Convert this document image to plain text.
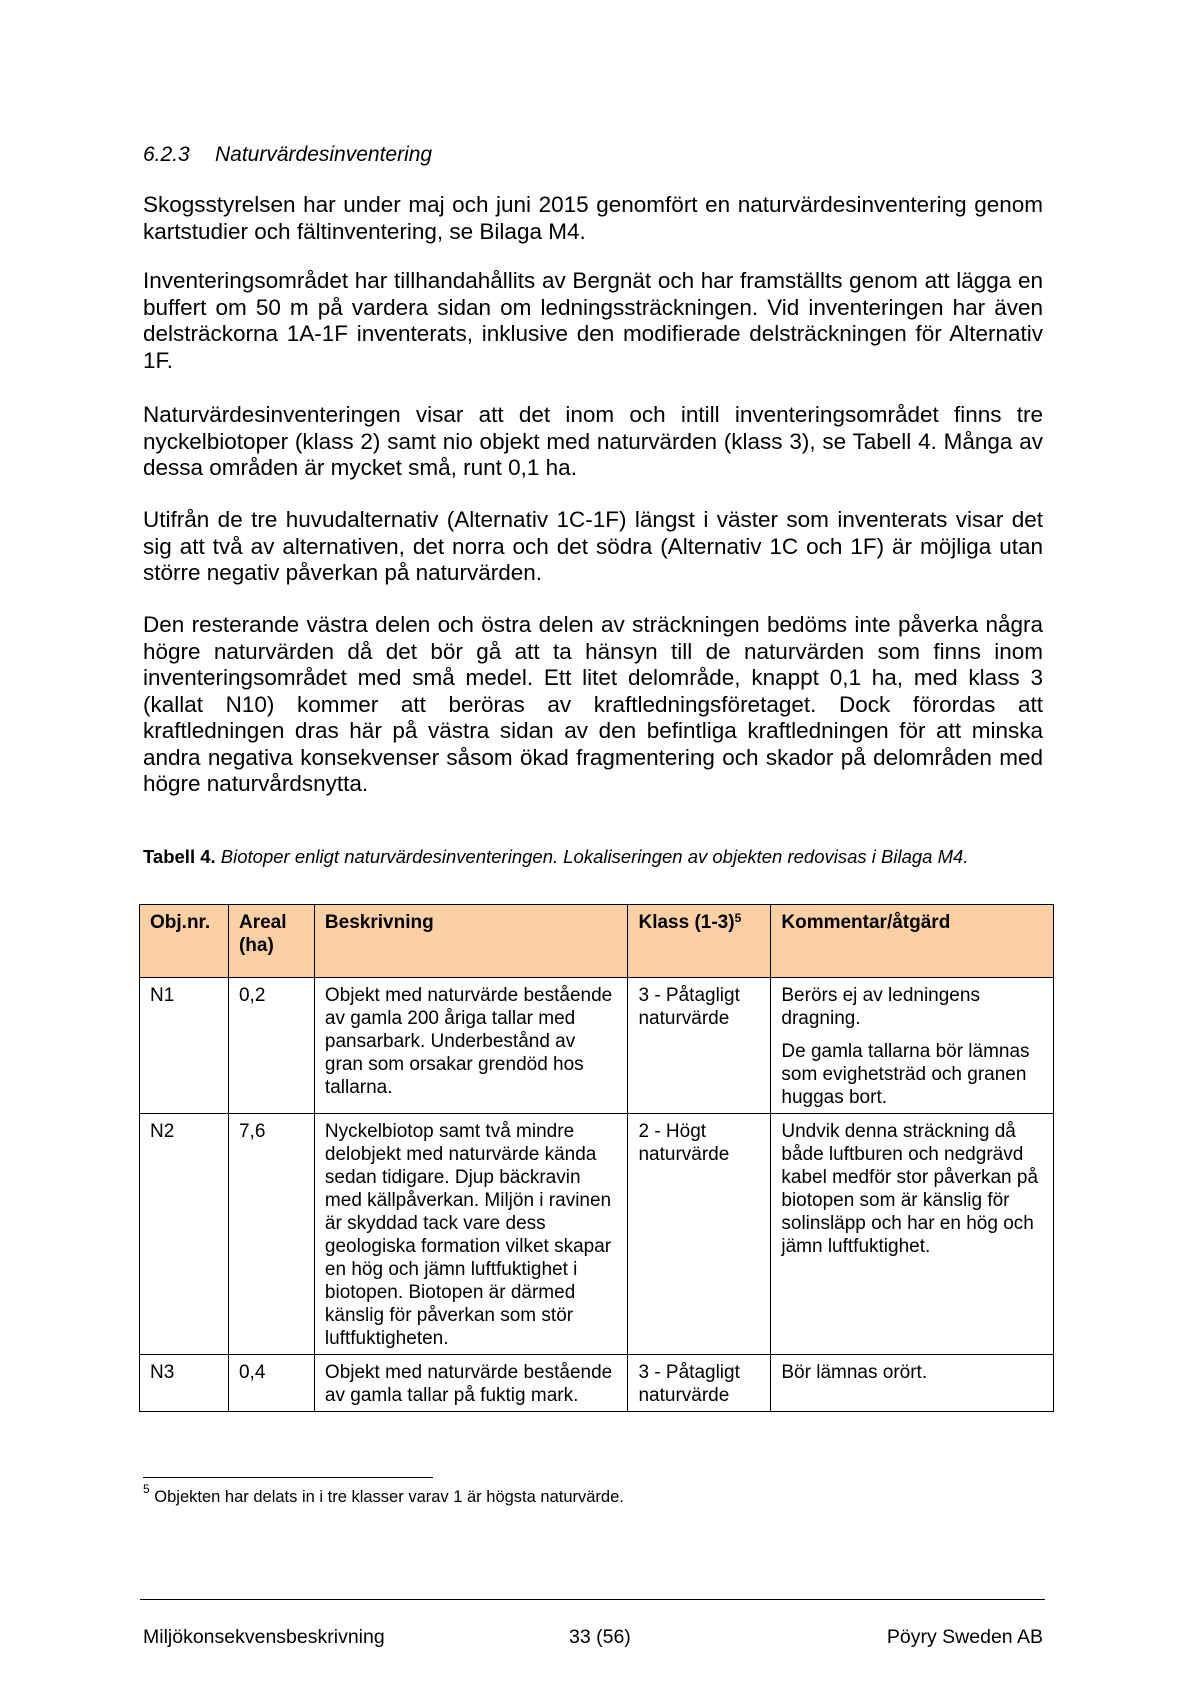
6.2.3 Naturvärdesinventering

Skogsstyrelsen har under maj och juni 2015 genomfört en naturvärdesinventering genom kartstudier och fältinventering, se Bilaga M4.

Inventeringsområdet har tillhandahållits av Bergnät och har framställts genom att lägga en buffert om 50 m på vardera sidan om ledningssträckningen. Vid inventeringen har även delsträckorna 1A-1F inventerats, inklusive den modifierade delsträckningen för Alternativ 1F.

Naturvärdesinventeringen visar att det inom och intill inventeringsområdet finns tre nyckelbiotoper (klass 2) samt nio objekt med naturvärden (klass 3), se Tabell 4. Många av dessa områden är mycket små, runt 0,1 ha.

Utifrån de tre huvudalternativ (Alternativ 1C-1F) längst i väster som inventerats visar det sig att två av alternativen, det norra och det södra (Alternativ 1C och 1F) är möjliga utan större negativ påverkan på naturvärden.

Den resterande västra delen och östra delen av sträckningen bedöms inte påverka några högre naturvärden då det bör gå att ta hänsyn till de naturvärden som finns inom inventeringsområdet med små medel. Ett litet delområde, knappt 0,1 ha, med klass 3 (kallat N10) kommer att beröras av kraftledningsföretaget. Dock förordas att kraftledningen dras här på västra sidan av den befintliga kraftledningen för att minska andra negativa konsekvenser såsom ökad fragmentering och skador på delområden med högre naturvårdsnytta.

Tabell 4. Biotoper enligt naturvärdesinventeringen. Lokaliseringen av objekten redovisas i Bilaga M4.
Obj.nr.	Areal (ha)	Beskrivning	Klass $(1-3)^5$	Kommentar/åtgärd
N1	0,2	Objekt med naturvärde bestående av gamla 200 åriga tallar med pansarbark. Underbestånd av gran som orsakar grendöd hos tallarna.	3 - Påtagligt naturvärde	Berörs ej av ledningens dragning.

De gamla tallarna bör lämnas som evighetsträd och granen huggas bort.

N2	7,6	Nyckelbiotop samt två mindre delobjekt med naturvärde kända sedan tidigare. Djup bäckravin med källpåverkan. Miljön i ravinen är skyddad tack vare dess geologiska formation vilket skapar en hög och jämn luftfuktighet i biotopen. Biotopen är därmed känslig för påverkan som stör luftfuktigheten.	2 - Högt naturvärde	Undvik denna sträckning då både luftburen och nedgrävd kabel medför stor påverkan på biotopen som är känslig för solinsläpp och har en hög och jämn luftfuktighet.

N3	0,4	Objekt med naturvärde bestående av gamla tallar på fuktig mark.	3 - Påtagligt naturvärde	Bör lämnas orört.

$^5$ Objekten har delats in i tre klasser varav 1 är högsta naturvärde.
Miljökonsekvensbeskrivning	33 (56)	Pöyry Sweden AB
